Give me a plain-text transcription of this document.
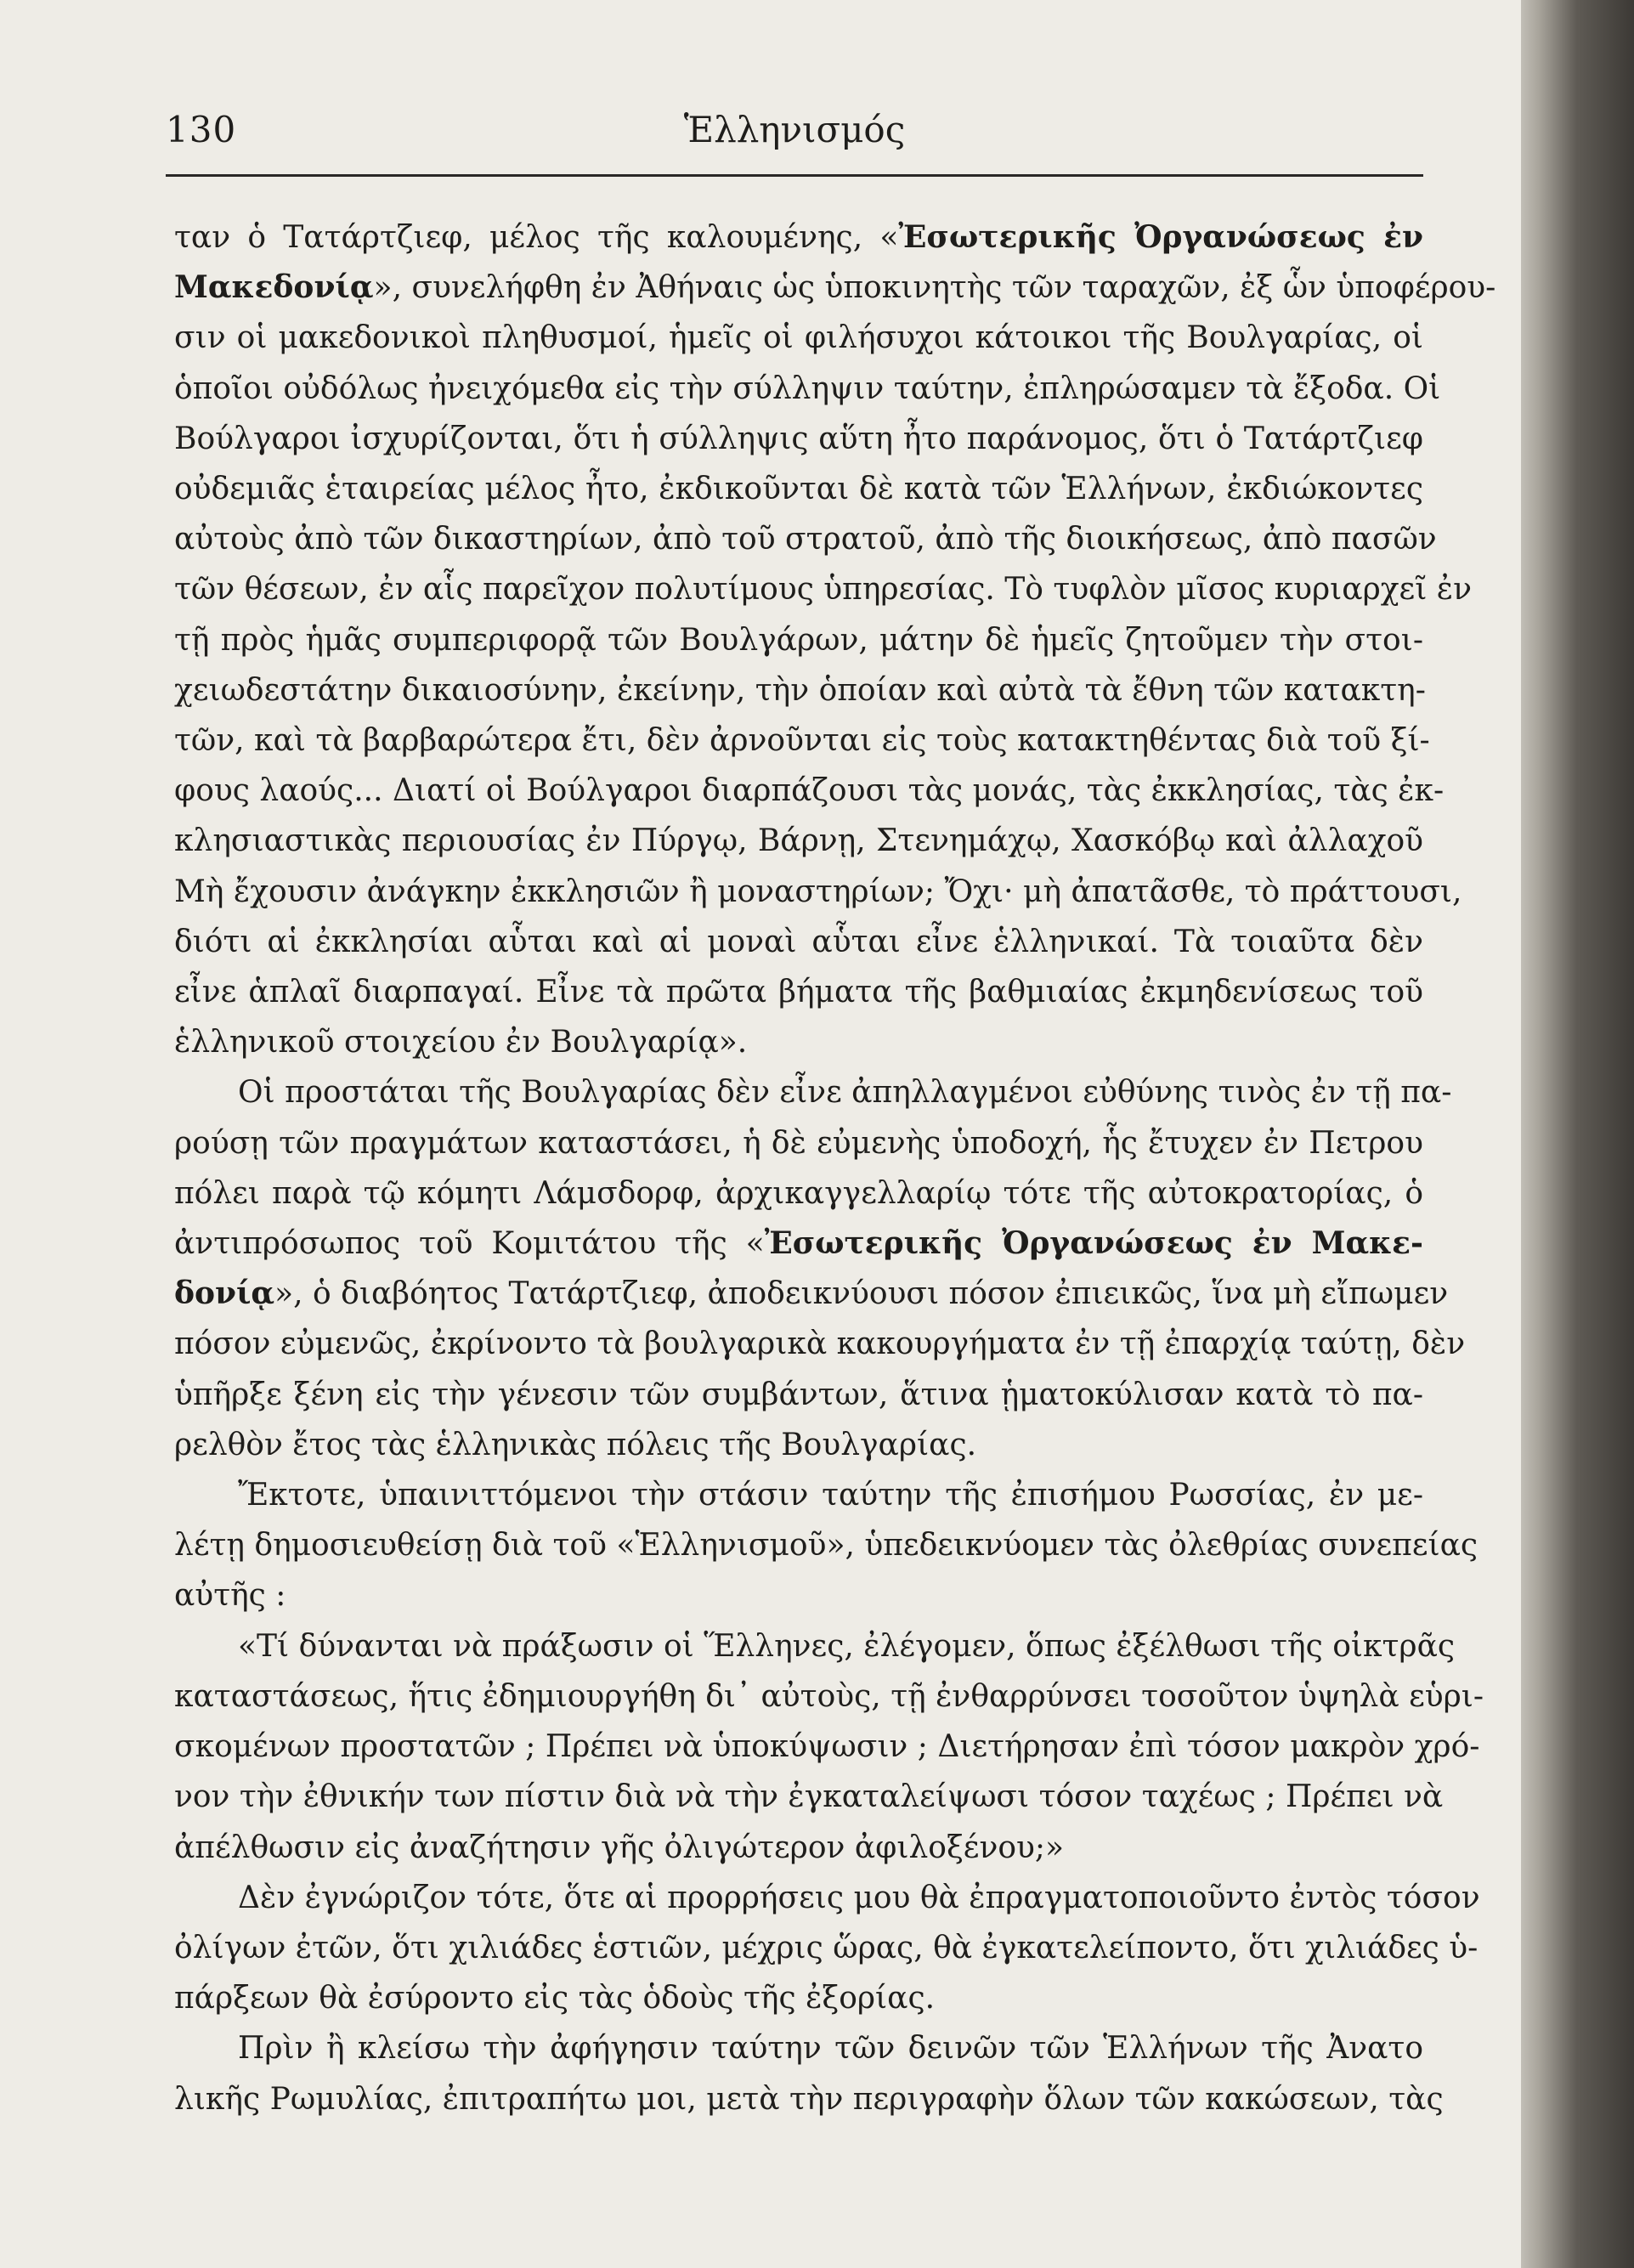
130	Ἑλληνισμός

ταν ὁ Τατάρτζιεφ, μέλος τῆς καλουμένης, «Ἐσωτερικῆς Ὀργανώσεως ἐν

Μακεδονίᾳ», συνελήφθη ἐν Ἀθήναις ὡς ὑποκινητὴς τῶν ταραχῶν, ἐξ ὧν ὑποφέρου-

σιν οἱ μακεδονικοὶ πληθυσμοί, ἡμεῖς οἱ φιλήσυχοι κάτοικοι τῆς Βουλγαρίας, οἱ

ὁποῖοι οὐδόλως ἠνειχόμεθα εἰς τὴν σύλληψιν ταύτην, ἐπληρώσαμεν τὰ ἔξοδα. Οἱ

Βούλγαροι ἰσχυρίζονται, ὅτι ἡ σύλληψις αὕτη ἦτο παράνομος, ὅτι ὁ Τατάρτζιεφ

οὐδεμιᾶς ἑταιρείας μέλος ἦτο, ἐκδικοῦνται δὲ κατὰ τῶν Ἑλλήνων, ἐκδιώκοντες

αὐτοὺς ἀπὸ τῶν δικαστηρίων, ἀπὸ τοῦ στρατοῦ, ἀπὸ τῆς διοικήσεως, ἀπὸ πασῶν

τῶν θέσεων, ἐν αἷς παρεῖχον πολυτίμους ὑπηρεσίας. Τὸ τυφλὸν μῖσος κυριαρχεῖ ἐν

τῇ πρὸς ἡμᾶς συμπεριφορᾷ τῶν Βουλγάρων, μάτην δὲ ἡμεῖς ζητοῦμεν τὴν στοι-

χειωδεστάτην δικαιοσύνην, ἐκείνην, τὴν ὁποίαν καὶ αὐτὰ τὰ ἔθνη τῶν κατακτη-

τῶν, καὶ τὰ βαρβαρώτερα ἔτι, δὲν ἀρνοῦνται εἰς τοὺς κατακτηθέντας διὰ τοῦ ξί-

φους λαούς... Διατί οἱ Βούλγαροι διαρπάζουσι τὰς μονάς, τὰς ἐκκλησίας, τὰς ἐκ-

κλησιαστικὰς περιουσίας ἐν Πύργῳ, Βάρνῃ, Στενημάχῳ, Χασκόβῳ καὶ ἀλλαχοῦ

Μὴ ἔχουσιν ἀνάγκην ἐκκλησιῶν ἢ μοναστηρίων; Ὄχι· μὴ ἀπατᾶσθε, τὸ πράττουσι,

διότι αἱ ἐκκλησίαι αὗται καὶ αἱ μοναὶ αὗται εἶνε ἑλληνικαί. Τὰ τοιαῦτα δὲν

εἶνε ἁπλαῖ διαρπαγαί. Εἶνε τὰ πρῶτα βήματα τῆς βαθμιαίας ἐκμηδενίσεως τοῦ

ἑλληνικοῦ στοιχείου ἐν Βουλγαρίᾳ».

Οἱ προστάται τῆς Βουλγαρίας δὲν εἶνε ἀπηλλαγμένοι εὐθύνης τινὸς ἐν τῇ πα-

ρούσῃ τῶν πραγμάτων καταστάσει, ἡ δὲ εὐμενὴς ὑποδοχή, ἧς ἔτυχεν ἐν Πετρου

πόλει παρὰ τῷ κόμητι Λάμσδορφ, ἀρχικαγγελλαρίῳ τότε τῆς αὐτοκρατορίας, ὁ

ἀντιπρόσωπος τοῦ Κομιτάτου τῆς «Ἐσωτερικῆς Ὀργανώσεως ἐν Μακε-

δονίᾳ», ὁ διαβόητος Τατάρτζιεφ, ἀποδεικνύουσι πόσον ἐπιεικῶς, ἵνα μὴ εἴπωμεν

πόσον εὐμενῶς, ἐκρίνοντο τὰ βουλγαρικὰ κακουργήματα ἐν τῇ ἐπαρχίᾳ ταύτῃ, δὲν

ὑπῆρξε ξένη εἰς τὴν γένεσιν τῶν συμβάντων, ἅτινα ᾑματοκύλισαν κατὰ τὸ πα-

ρελθὸν ἔτος τὰς ἑλληνικὰς πόλεις τῆς Βουλγαρίας.

Ἔκτοτε, ὑπαινιττόμενοι τὴν στάσιν ταύτην τῆς ἐπισήμου Ρωσσίας, ἐν με-

λέτῃ δημοσιευθείσῃ διὰ τοῦ «Ἑλληνισμοῦ», ὑπεδεικνύομεν τὰς ὀλεθρίας συνεπείας

αὐτῆς :

«Τί δύνανται νὰ πράξωσιν οἱ Ἕλληνες, ἐλέγομεν, ὅπως ἐξέλθωσι τῆς οἰκτρᾶς

καταστάσεως, ἥτις ἐδημιουργήθη δι᾿ αὐτοὺς, τῇ ἐνθαρρύνσει τοσοῦτον ὑψηλὰ εὑρι-

σκομένων προστατῶν ; Πρέπει νὰ ὑποκύψωσιν ; Διετήρησαν ἐπὶ τόσον μακρὸν χρό-

νον τὴν ἐθνικήν των πίστιν διὰ νὰ τὴν ἐγκαταλείψωσι τόσον ταχέως ; Πρέπει νὰ

ἀπέλθωσιν εἰς ἀναζήτησιν γῆς ὀλιγώτερον ἀφιλοξένου;»

Δὲν ἐγνώριζον τότε, ὅτε αἱ προρρήσεις μου θὰ ἐπραγματοποιοῦντο ἐντὸς τόσον

ὀλίγων ἐτῶν, ὅτι χιλιάδες ἑστιῶν, μέχρις ὥρας, θὰ ἐγκατελείποντο, ὅτι χιλιάδες ὑ-

πάρξεων θὰ ἐσύροντο εἰς τὰς ὁδοὺς τῆς ἐξορίας.

Πρὶν ἢ κλείσω τὴν ἀφήγησιν ταύτην τῶν δεινῶν τῶν Ἑλλήνων τῆς Ἀνατο

λικῆς Ρωμυλίας, ἐπιτραπήτω μοι, μετὰ τὴν περιγραφὴν ὅλων τῶν κακώσεων, τὰς
